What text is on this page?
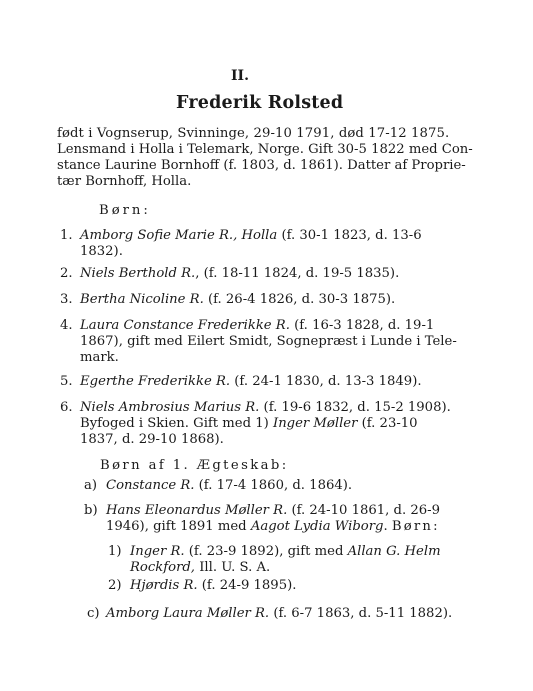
II.
Frederik Rolsted
født i Vognserup, Svinninge, 29-10 1791, død 17-12 1875.
Lensmand i Holla i Telemark, Norge. Gift 30-5 1822 med Con-
stance Laurine Bornhoff (f. 1803, d. 1861). Datter af Proprie-
tær Bornhoff, Holla.
Børn:
1. Amborg Sofie Marie R., Holla (f. 30-1 1823, d. 13-6
1832).
2. Niels Berthold R., (f. 18-11 1824, d. 19-5 1835).
3. Bertha Nicoline R. (f. 26-4 1826, d. 30-3 1875).
4. Laura Constance Frederikke R. (f. 16-3 1828, d. 19-1
1867), gift med Eilert Smidt, Sognepræst i Lunde i Tele-
mark.
5. Egerthe Frederikke R. (f. 24-1 1830, d. 13-3 1849).
6. Niels Ambrosius Marius R. (f. 19-6 1832, d. 15-2 1908).
Byfoged i Skien. Gift med 1) Inger Møller (f. 23-10
1837, d. 29-10 1868).
Børn af 1. Ægteskab:
a) Constance R. (f. 17-4 1860, d. 1864).
b) Hans Eleonardus Møller R. (f. 24-10 1861, d. 26-9
1946), gift 1891 med Aagot Lydia Wiborg. Børn:
1) Inger R. (f. 23-9 1892), gift med Allan G. Helm
Rockford, Ill. U. S. A.
2) Hjørdis R. (f. 24-9 1895).
c) Amborg Laura Møller R. (f. 6-7 1863, d. 5-11 1882).
